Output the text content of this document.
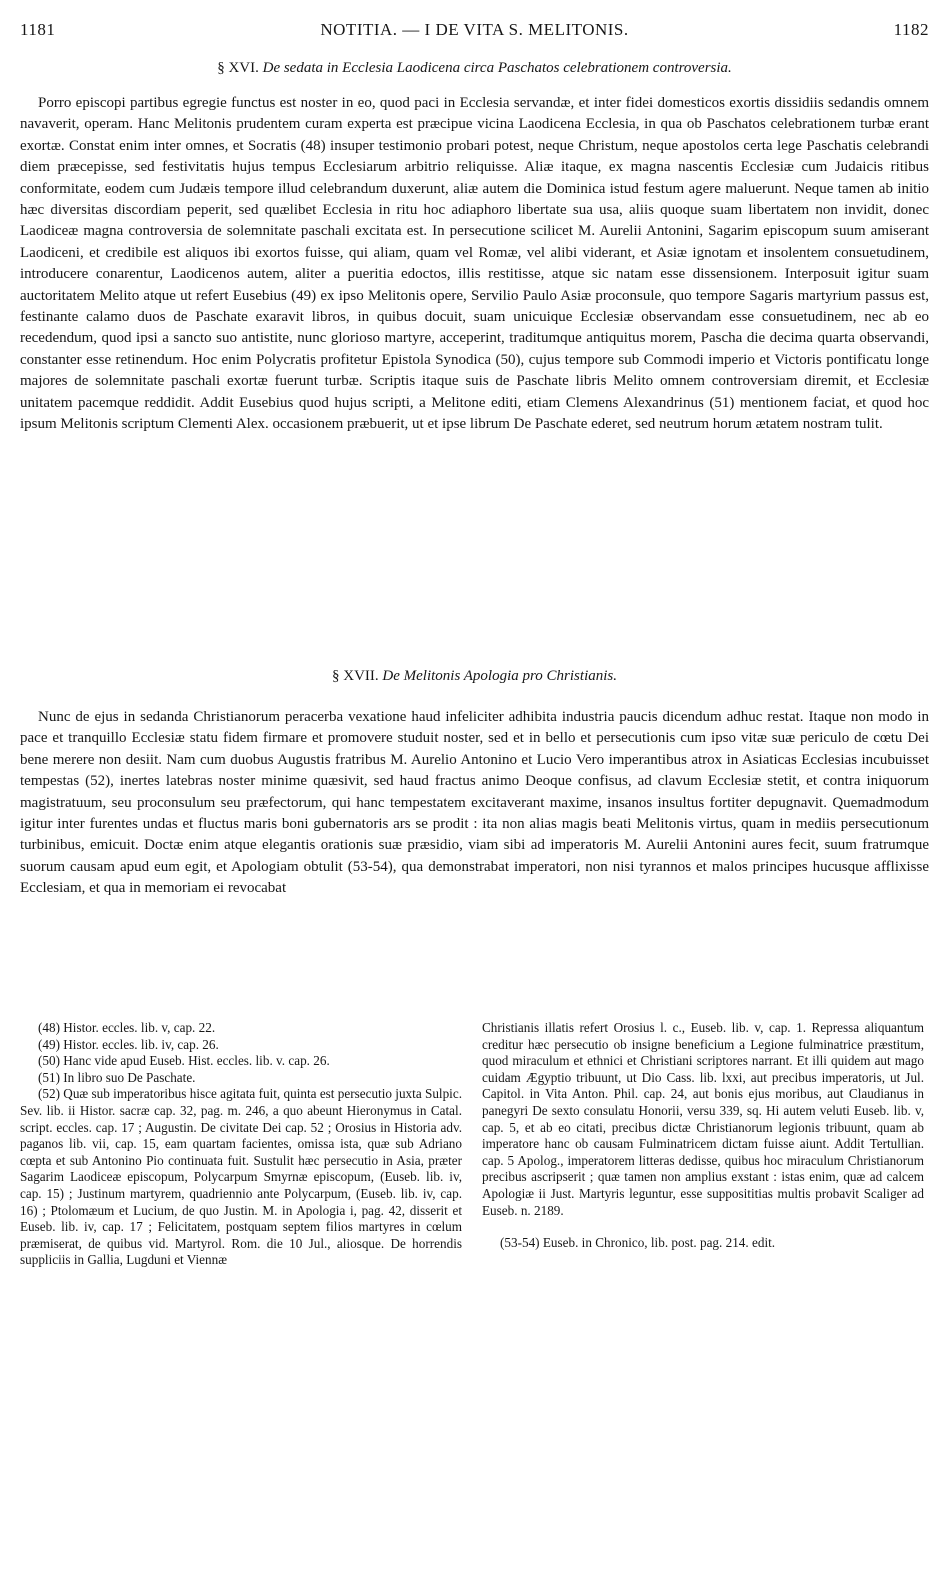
1181	NOTITIA. — I DE VITA S. MELITONIS.	1182
§ XVI. De sedata in Ecclesia Laodicena circa Paschatos celebrationem controversia.

Porro episcopi partibus egregie functus est noster in eo, quod paci in Ecclesia servandæ, et inter fidei domesticos exortis dissidiis sedandis omnem navaverit, operam. Hanc Melitonis prudentem curam experta est præcipue vicina Laodicena Ecclesia, in qua ob Paschatos celebrationem turbæ erant exortæ. Constat enim inter omnes, et Socratis (48) insuper testimonio probari potest, neque Christum, neque apostolos certa lege Paschatis celebrandi diem præcepisse, sed festivitatis hujus tempus Ecclesiarum arbitrio reliquisse. Aliæ itaque, ex magna nascentis Ecclesiæ cum Judaicis ritibus conformitate, eodem cum Judæis tempore illud celebrandum duxerunt, aliæ autem die Dominica istud festum agere maluerunt. Neque tamen ab initio hæc diversitas discordiam peperit, sed quælibet Ecclesia in ritu hoc adiaphoro libertate sua usa, aliis quoque suam libertatem non invidit, donec Laodiceæ magna controversia de solemnitate paschali excitata est. In persecutione scilicet M. Aurelii Antonini, Sagarim episcopum suum amiserant Laodiceni, et credibile est aliquos ibi exortos fuisse, qui aliam, quam vel Romæ, vel alibi viderant, et Asiæ ignotam et insolentem consuetudinem, introducere conarentur, Laodicenos autem, aliter a pueritia edoctos, illis restitisse, atque sic natam esse dissensionem. Interposuit igitur suam auctoritatem Melito atque ut refert Eusebius (49) ex ipso Melitonis opere, Servilio Paulo Asiæ proconsule, quo tempore Sagaris martyrium passus est, festinante calamo duos de Paschate exaravit libros, in quibus docuit, suam unicuique Ecclesiæ observandam esse consuetudinem, nec ab eo recedendum, quod ipsi a sancto suo antistite, nunc glorioso martyre, acceperint, traditumque antiquitus morem, Pascha die decima quarta observandi, constanter esse retinendum. Hoc enim Polycratis profitetur Epistola Synodica (50), cujus tempore sub Commodi imperio et Victoris pontificatu longe majores de solemnitate paschali exortæ fuerunt turbæ. Scriptis itaque suis de Paschate libris Melito omnem controversiam diremit, et Ecclesiæ unitatem pacemque reddidit. Addit Eusebius quod hujus scripti, a Melitone editi, etiam Clemens Alexandrinus (51) mentionem faciat, et quod hoc ipsum Melitonis scriptum Clementi Alex. occasionem præbuerit, ut et ipse librum De Paschate ederet, sed neutrum horum ætatem nostram tulit.

§ XVII. De Melitonis Apologia pro Christianis.

Nunc de ejus in sedanda Christianorum peracerba vexatione haud infeliciter adhibita industria paucis dicendum adhuc restat. Itaque non modo in pace et tranquillo Ecclesiæ statu fidem firmare et promovere studuit noster, sed et in bello et persecutionis cum ipso vitæ suæ periculo de cœtu Dei bene merere non desiit. Nam cum duobus Augustis fratribus M. Aurelio Antonino et Lucio Vero imperantibus atrox in Asiaticas Ecclesias incubuisset tempestas (52), inertes latebras noster minime quæsivit, sed haud fractus animo Deoque confisus, ad clavum Ecclesiæ stetit, et contra iniquorum magistratuum, seu proconsulum seu præfectorum, qui hanc tempestatem excitaverant maxime, insanos insultus fortiter depugnavit. Quemadmodum igitur inter furentes undas et fluctus maris boni gubernatoris ars se prodit : ita non alias magis beati Melitonis virtus, quam in mediis persecutionum turbinibus, emicuit. Doctæ enim atque elegantis orationis suæ præsidio, viam sibi ad imperatoris M. Aurelii Antonini aures fecit, suum fratrumque suorum causam apud eum egit, et Apologiam obtulit (53-54), qua demonstrabat imperatori, non nisi tyrannos et malos principes hucusque afflixisse Ecclesiam, et qua in memoriam ei revocabat

(48) Histor. eccles. lib. v, cap. 22.

(49) Histor. eccles. lib. iv, cap. 26.

(50) Hanc vide apud Euseb. Hist. eccles. lib. v. cap. 26.

(51) In libro suo De Paschate.

(52) Quæ sub imperatoribus hisce agitata fuit, quinta est persecutio juxta Sulpic. Sev. lib. ii Histor. sacræ cap. 32, pag. m. 246, a quo abeunt Hieronymus in Catal. script. eccles. cap. 17 ; Augustin. De civitate Dei cap. 52 ; Orosius in Historia adv. paganos lib. vii, cap. 15, eam quartam facientes, omissa ista, quæ sub Adriano cœpta et sub Antonino Pio continuata fuit. Sustulit hæc persecutio in Asia, præter Sagarim Laodiceæ episcopum, Polycarpum Smyrnæ episcopum, (Euseb. lib. iv, cap. 15) ; Justinum martyrem, quadriennio ante Polycarpum, (Euseb. lib. iv, cap. 16) ; Ptolomæum et Lucium, de quo Justin. M. in Apologia i, pag. 42, disserit et Euseb. lib. iv, cap. 17 ; Felicitatem, postquam septem filios martyres in cœlum præmiserat, de quibus vid. Martyrol. Rom. die 10 Jul., aliosque. De horrendis suppliciis in Gallia, Lugduni et Viennæ

Christianis illatis refert Orosius l. c., Euseb. lib. v, cap. 1. Repressa aliquantum creditur hæc persecutio ob insigne beneficium a Legione fulminatrice præstitum, quod miraculum et ethnici et Christiani scriptores narrant. Et illi quidem aut mago cuidam Ægyptio tribuunt, ut Dio Cass. lib. lxxi, aut precibus imperatoris, ut Jul. Capitol. in Vita Anton. Phil. cap. 24, aut bonis ejus moribus, aut Claudianus in panegyri De sexto consulatu Honorii, versu 339, sq. Hi autem veluti Euseb. lib. v, cap. 5, et ab eo citati, precibus dictæ Christianorum legionis tribuunt, quam ab imperatore hanc ob causam Fulminatricem dictam fuisse aiunt. Addit Tertullian. cap. 5 Apolog., imperatorem litteras dedisse, quibus hoc miraculum Christianorum precibus ascripserit ; quæ tamen non amplius exstant : istas enim, quæ ad calcem Apologiæ ii Just. Martyris leguntur, esse supposititias multis probavit Scaliger ad Euseb. n. 2189.

(53-54) Euseb. in Chronico, lib. post. pag. 214. edit.
